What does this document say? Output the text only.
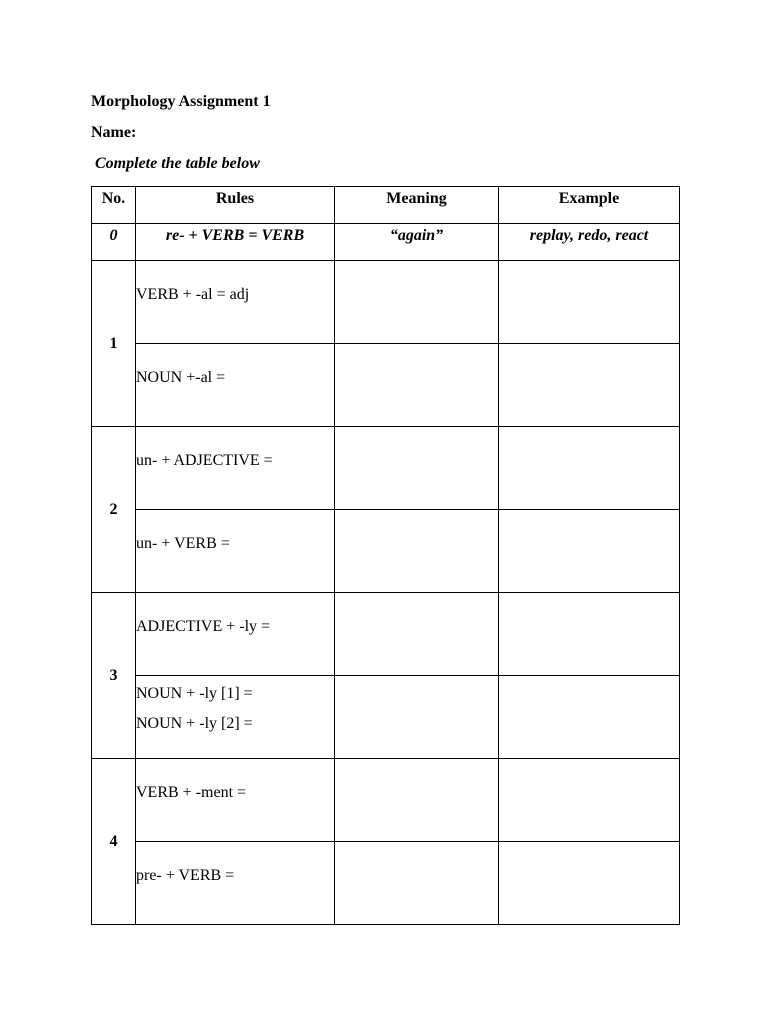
Morphology Assignment 1
Name:
Complete the table below
No.	Rules	Meaning	Example
0	re- + VERB = VERB	“again”	replay, redo, react
1	VERB + -al = adj		

	NOUN +-al =		

2	un- + ADJECTIVE =		

	un- + VERB =		

3	ADJECTIVE + -ly =		

	NOUN + -ly [1] =
NOUN + -ly [2] =		

4	VERB + -ment =		

	pre- + VERB =		
